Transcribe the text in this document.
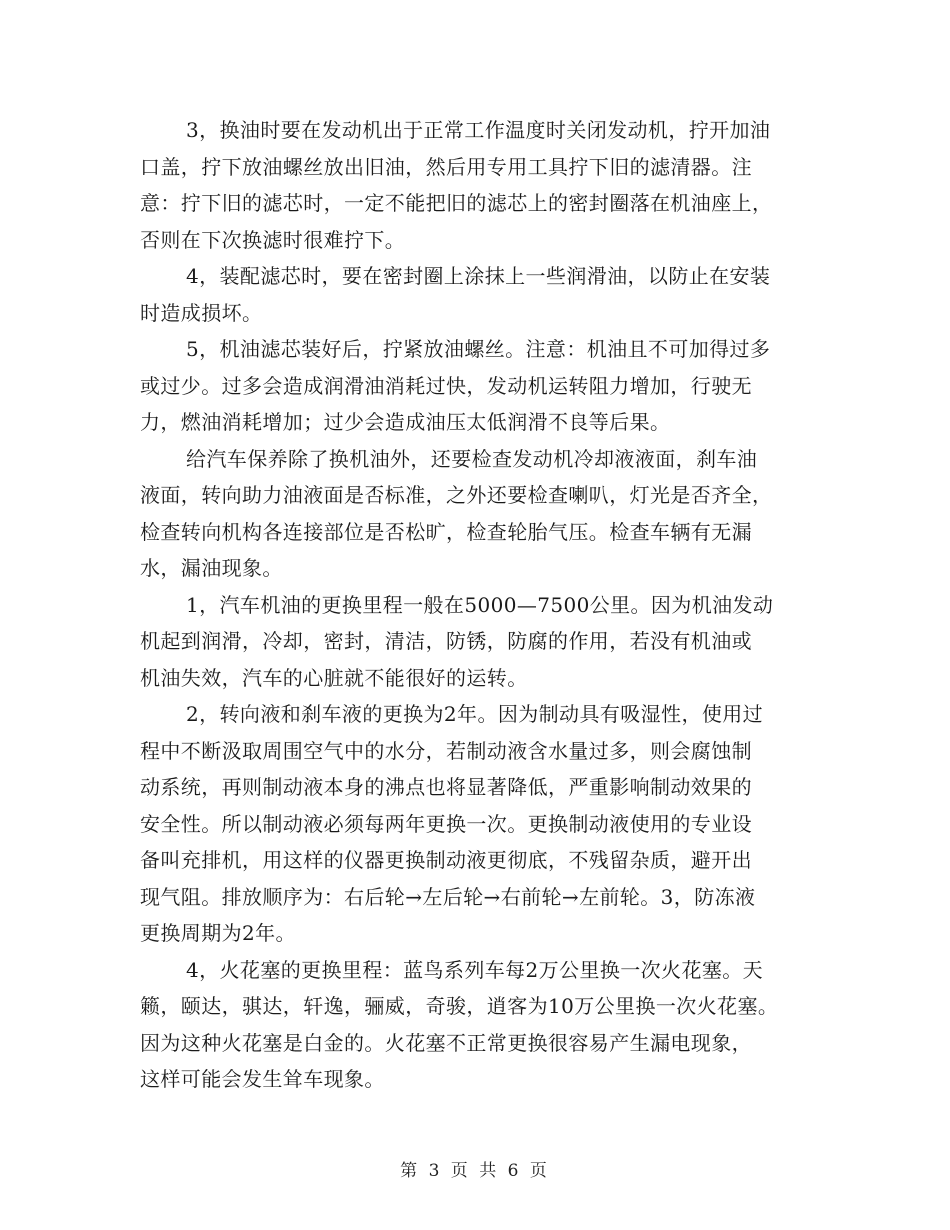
3，换油时要在发动机出于正常工作温度时关闭发动机，拧开加油
口盖，拧下放油螺丝放出旧油，然后用专用工具拧下旧的滤清器。注
意：拧下旧的滤芯时，一定不能把旧的滤芯上的密封圈落在机油座上，
否则在下次换滤时很难拧下。

4，装配滤芯时，要在密封圈上涂抹上一些润滑油，以防止在安装
时造成损坏。

5，机油滤芯装好后，拧紧放油螺丝。注意：机油且不可加得过多
或过少。过多会造成润滑油消耗过快，发动机运转阻力增加，行驶无
力，燃油消耗增加；过少会造成油压太低润滑不良等后果。

给汽车保养除了换机油外，还要检查发动机冷却液液面，刹车油
液面，转向助力油液面是否标准，之外还要检查喇叭，灯光是否齐全，
检查转向机构各连接部位是否松旷，检查轮胎气压。检查车辆有无漏
水，漏油现象。

1，汽车机油的更换里程一般在5000—7500公里。因为机油发动
机起到润滑，冷却，密封，清洁，防锈，防腐的作用，若没有机油或
机油失效，汽车的心脏就不能很好的运转。

2，转向液和刹车液的更换为2年。因为制动具有吸湿性，使用过
程中不断汲取周围空气中的水分，若制动液含水量过多，则会腐蚀制
动系统，再则制动液本身的沸点也将显著降低，严重影响制动效果的
安全性。所以制动液必须每两年更换一次。更换制动液使用的专业设
备叫充排机，用这样的仪器更换制动液更彻底，不残留杂质，避开出
现气阻。排放顺序为：右后轮→左后轮→右前轮→左前轮。3，防冻液
更换周期为2年。

4，火花塞的更换里程：蓝鸟系列车每2万公里换一次火花塞。天
籁，颐达，骐达，轩逸，骊威，奇骏，逍客为10万公里换一次火花塞。
因为这种火花塞是白金的。火花塞不正常更换很容易产生漏电现象，
这样可能会发生耸车现象。

第 3 页 共 6 页
